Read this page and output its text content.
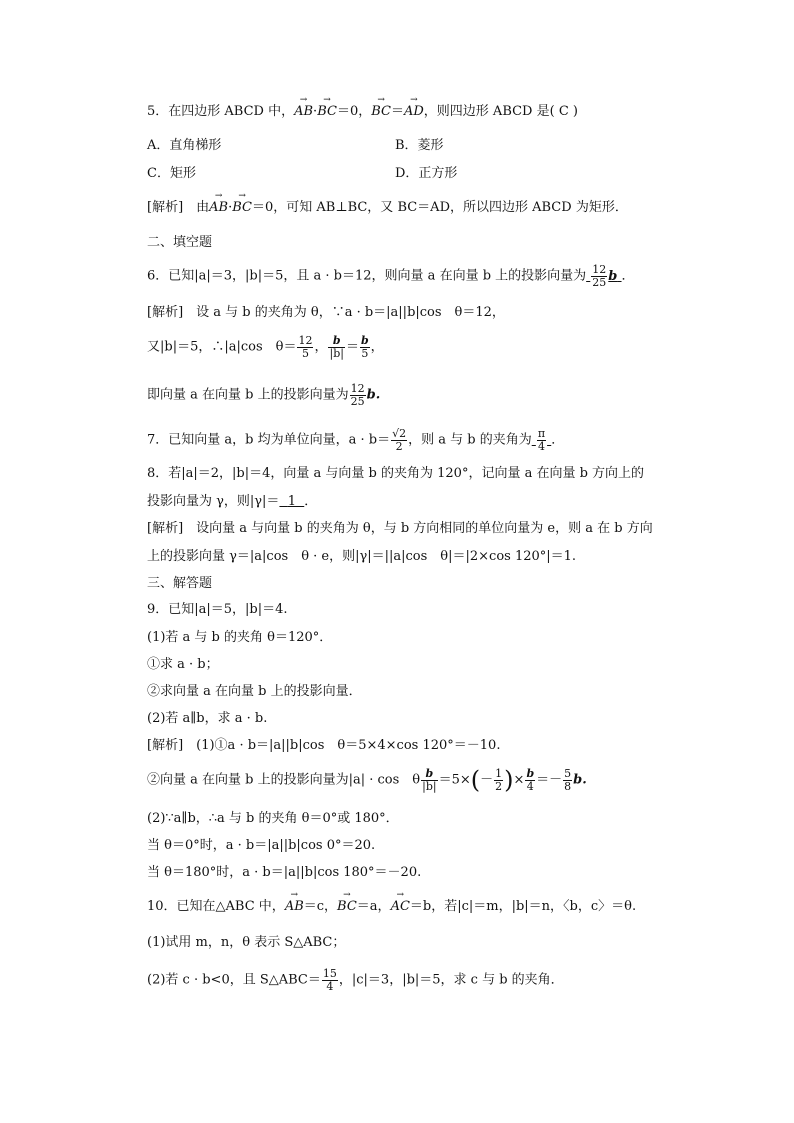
5．在四边形 ABCD 中，→ AB·→ BC＝0，→ BC＝→ AD，则四边形 ABCD 是( C )
A．直角梯形	B．菱形
C．矩形	D．正方形
[解析]　由→ AB·→ BC＝0，可知 AB⊥BC，又 BC＝AD，所以四边形 ABCD 为矩形．
二、填空题
6．已知|a|＝3，|b|＝5，且 a · b＝12，则向量 a 在向量 b 上的投影向量为 $\frac{12}{25}$ b ．
[解析]　设 a 与 b 的夹角为 θ，∵a · b＝|a||b|cos　θ＝12，
又|b|＝5，∴|a|cos　$\theta= \frac{12}{5}$ ， $\frac{b}{|b|} = \frac{b}{5}$ ，
即向量 a 在向量 b 上的投影向量为 $\frac{12}{25} b$.
7．已知向量 a，b 均为单位向量，$a \cdot b= \frac{√2}{2}$ ，则 a 与 b 的夹角为 $\frac{\pi}{4}$ ．
8．若|a|＝2，|b|＝4，向量 a 与向量 b 的夹角为 120°，记向量 a 在向量 b 方向上的
投影向量为 γ，则|γ|＝ 1 ．
[解析]　设向量 a 与向量 b 的夹角为 θ，与 b 方向相同的单位向量为 e，则 a 在 b 方向
上的投影向量 γ＝|a|cos　θ · e，则|γ|＝||a|cos　θ|＝|2×cos 120°|＝1.
三、解答题
9．已知|a|＝5，|b|＝4.
(1)若 a 与 b 的夹角 θ＝120°．
①求 a · b；
②求向量 a 在向量 b 上的投影向量．
(2)若 a∥b，求 a · b.
[解析]　(1)①a · b＝|a||b|cos　θ＝5×4×cos 120°＝－10.
②向量 a 在向量 b 上的投影向量为|a| · cos　θ $\frac{b}{|b|} =5\times(- \frac{1}{2}$ )× $\frac{b}{4} =- \frac{5}{8} b$.
(2)∵a∥b，∴a 与 b 的夹角 θ＝0°或 180°．
当 θ＝0°时，a · b＝|a||b|cos 0°＝20.
当 θ＝180°时，a · b＝|a||b|cos 180°＝－20.
10．已知在△ABC 中，→ AB＝c，→ BC＝a，→ AC＝b，若|c|＝m，|b|＝n，〈b，c〉＝θ.
(1)试用 m，n，θ 表示 S△ABC；
(2)若 c · b<0，且 S△ABC＝ $\frac{15}{4}$ ，|c|＝3，|b|＝5，求 c 与 b 的夹角．
